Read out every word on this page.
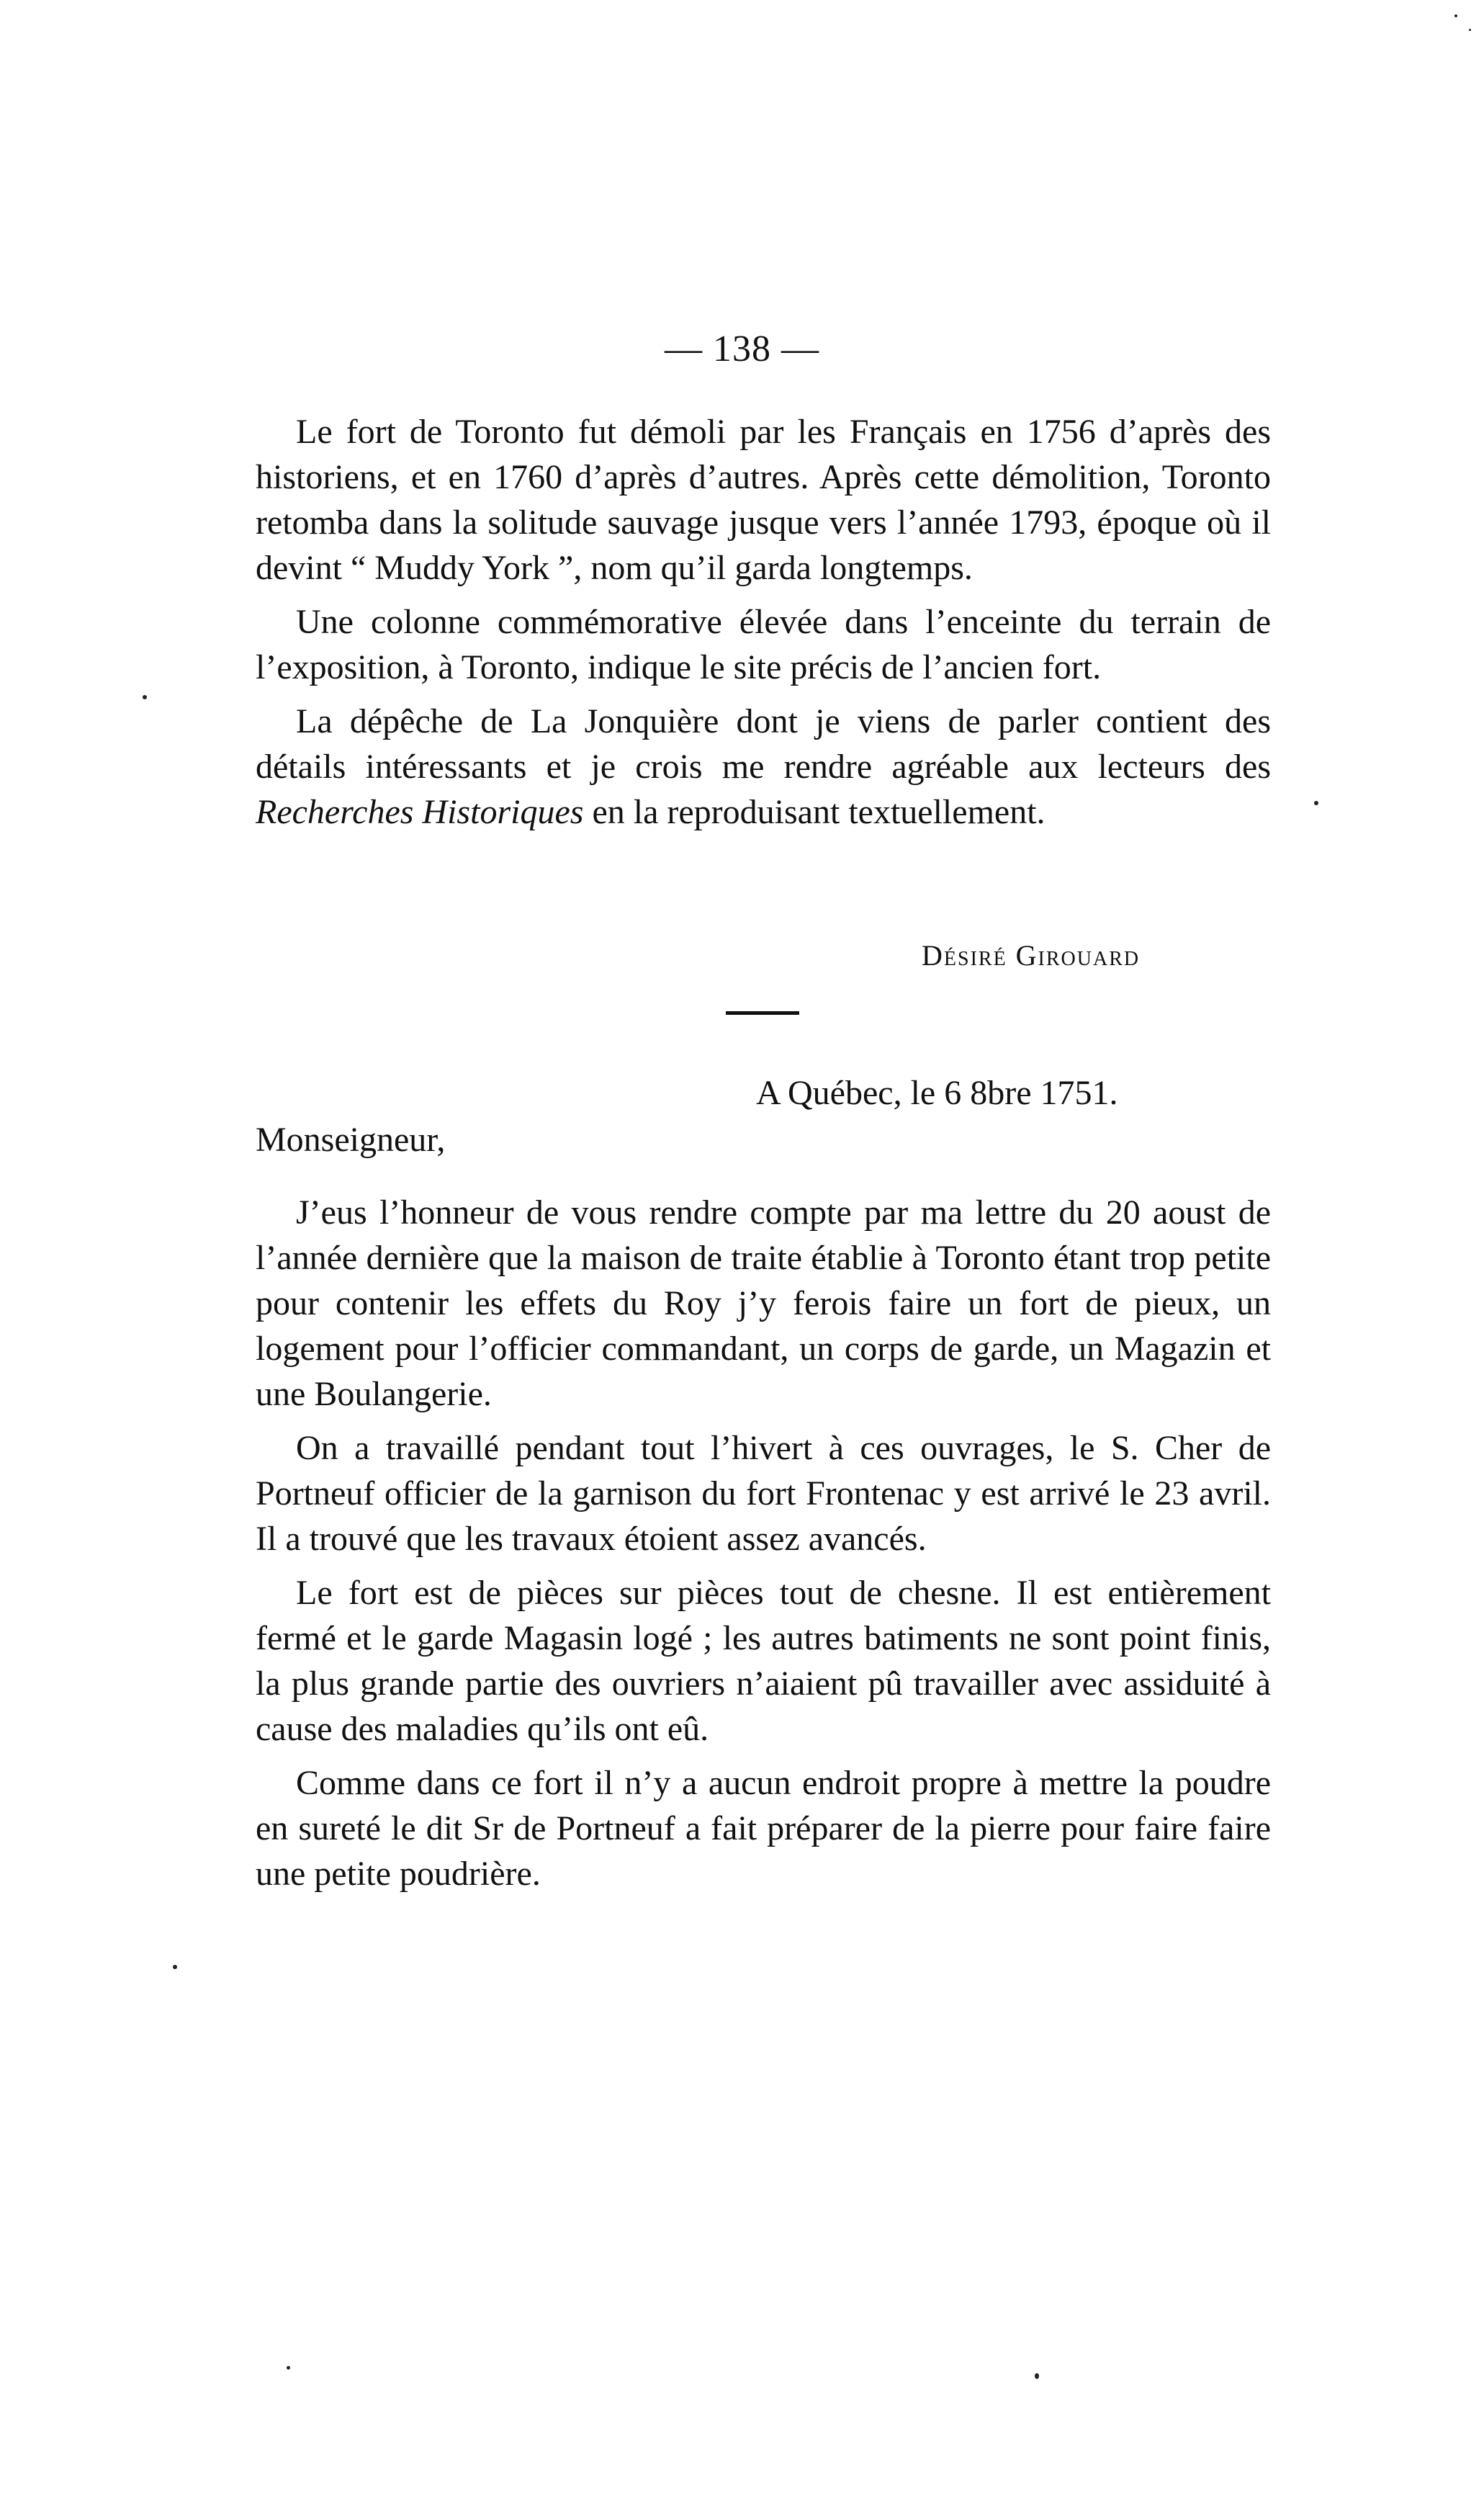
— 138 —

Le fort de Toronto fut démoli par les Français en 1756 d’après des historiens, et en 1760 d’après d’autres. Après cette démolition, Toronto retomba dans la solitude sauvage jusque vers l’année 1793, époque où il devint “ Muddy York ”, nom qu’il garda longtemps.

Une colonne commémorative élevée dans l’enceinte du terrain de l’exposition, à Toronto, indique le site précis de l’ancien fort.

La dépêche de La Jonquière dont je viens de parler contient des détails intéressants et je crois me rendre agréable aux lecteurs des Recherches Historiques en la reproduisant textuellement.

Désiré Girouard
A Québec, le 6 8bre 1751.
Monseigneur,

J’eus l’honneur de vous rendre compte par ma lettre du 20 aoust de l’année dernière que la maison de traite établie à Toronto étant trop petite pour contenir les effets du Roy j’y ferois faire un fort de pieux, un logement pour l’officier commandant, un corps de garde, un Magazin et une Boulangerie.

On a travaillé pendant tout l’hivert à ces ouvrages, le S. Cher de Portneuf officier de la garnison du fort Frontenac y est arrivé le 23 avril. Il a trouvé que les travaux étoient assez avancés.

Le fort est de pièces sur pièces tout de chesne. Il est entièrement fermé et le garde Magasin logé ; les autres batiments ne sont point finis, la plus grande partie des ouvriers n’aiaient pû travailler avec assiduité à cause des maladies qu’ils ont eû.

Comme dans ce fort il n’y a aucun endroit propre à mettre la poudre en sureté le dit Sr de Portneuf a fait préparer de la pierre pour faire faire une petite poudrière.
